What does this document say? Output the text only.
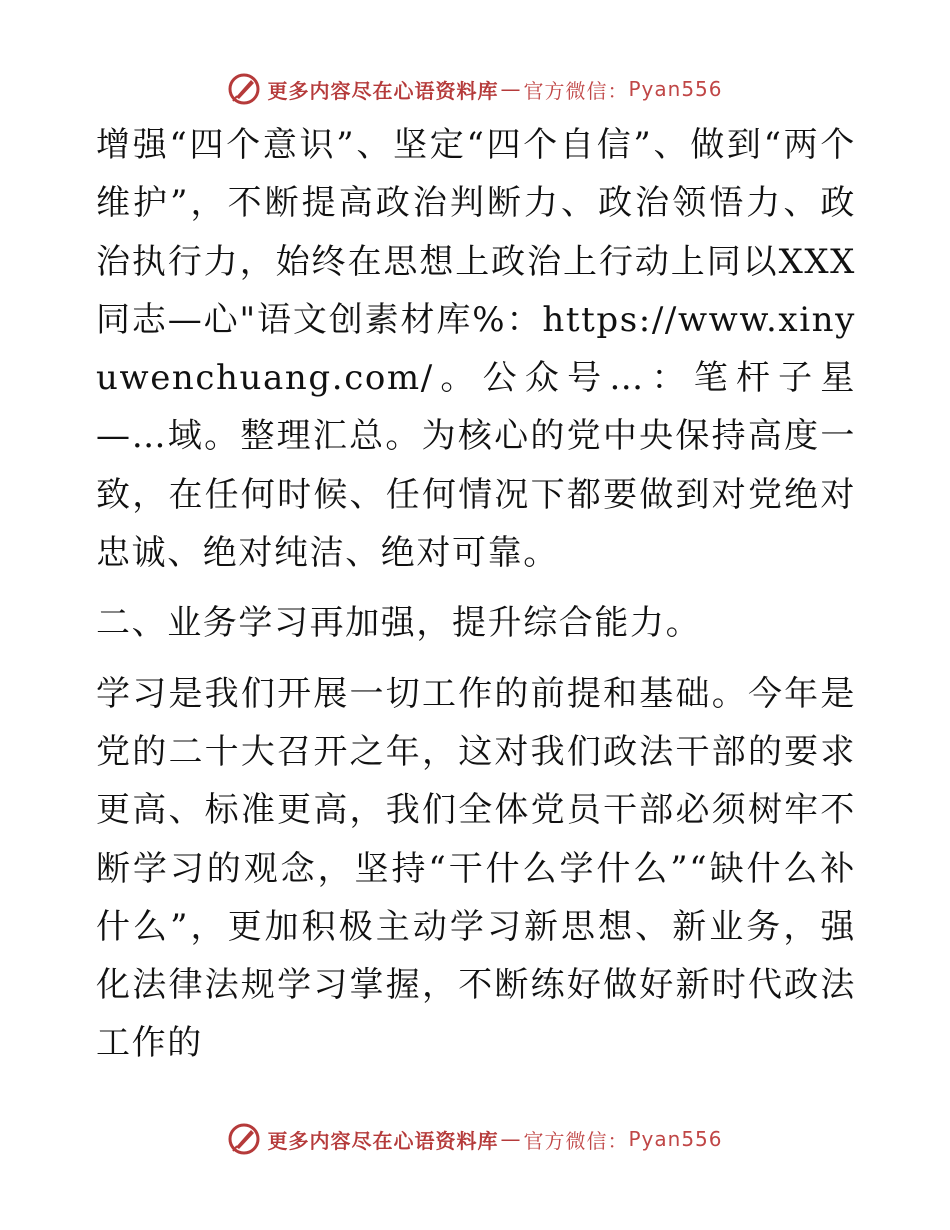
更多内容尽在心语资料库 — 官方微信： Pyan556

增强“四个意识”、坚定“四个自信”、做到“两个维护”，不断提高政治判断力、政治领悟力、政治执行力，始终在思想上政治上行动上同以XXX同志—心"语文创素材库%：https://www.xinyuwenchuang.com/。公众号…：笔杆子星—…域。整理汇总。为核心的党中央保持高度一致，在任何时候、任何情况下都要做到对党绝对忠诚、绝对纯洁、绝对可靠。

二、业务学习再加强，提升综合能力。

学习是我们开展一切工作的前提和基础。今年是党的二十大召开之年，这对我们政法干部的要求更高、标准更高，我们全体党员干部必须树牢不断学习的观念，坚持“干什么学什么”“缺什么补什么”，更加积极主动学习新思想、新业务，强化法律法规学习掌握，不断练好做好新时代政法工作的

更多内容尽在心语资料库 — 官方微信： Pyan556
